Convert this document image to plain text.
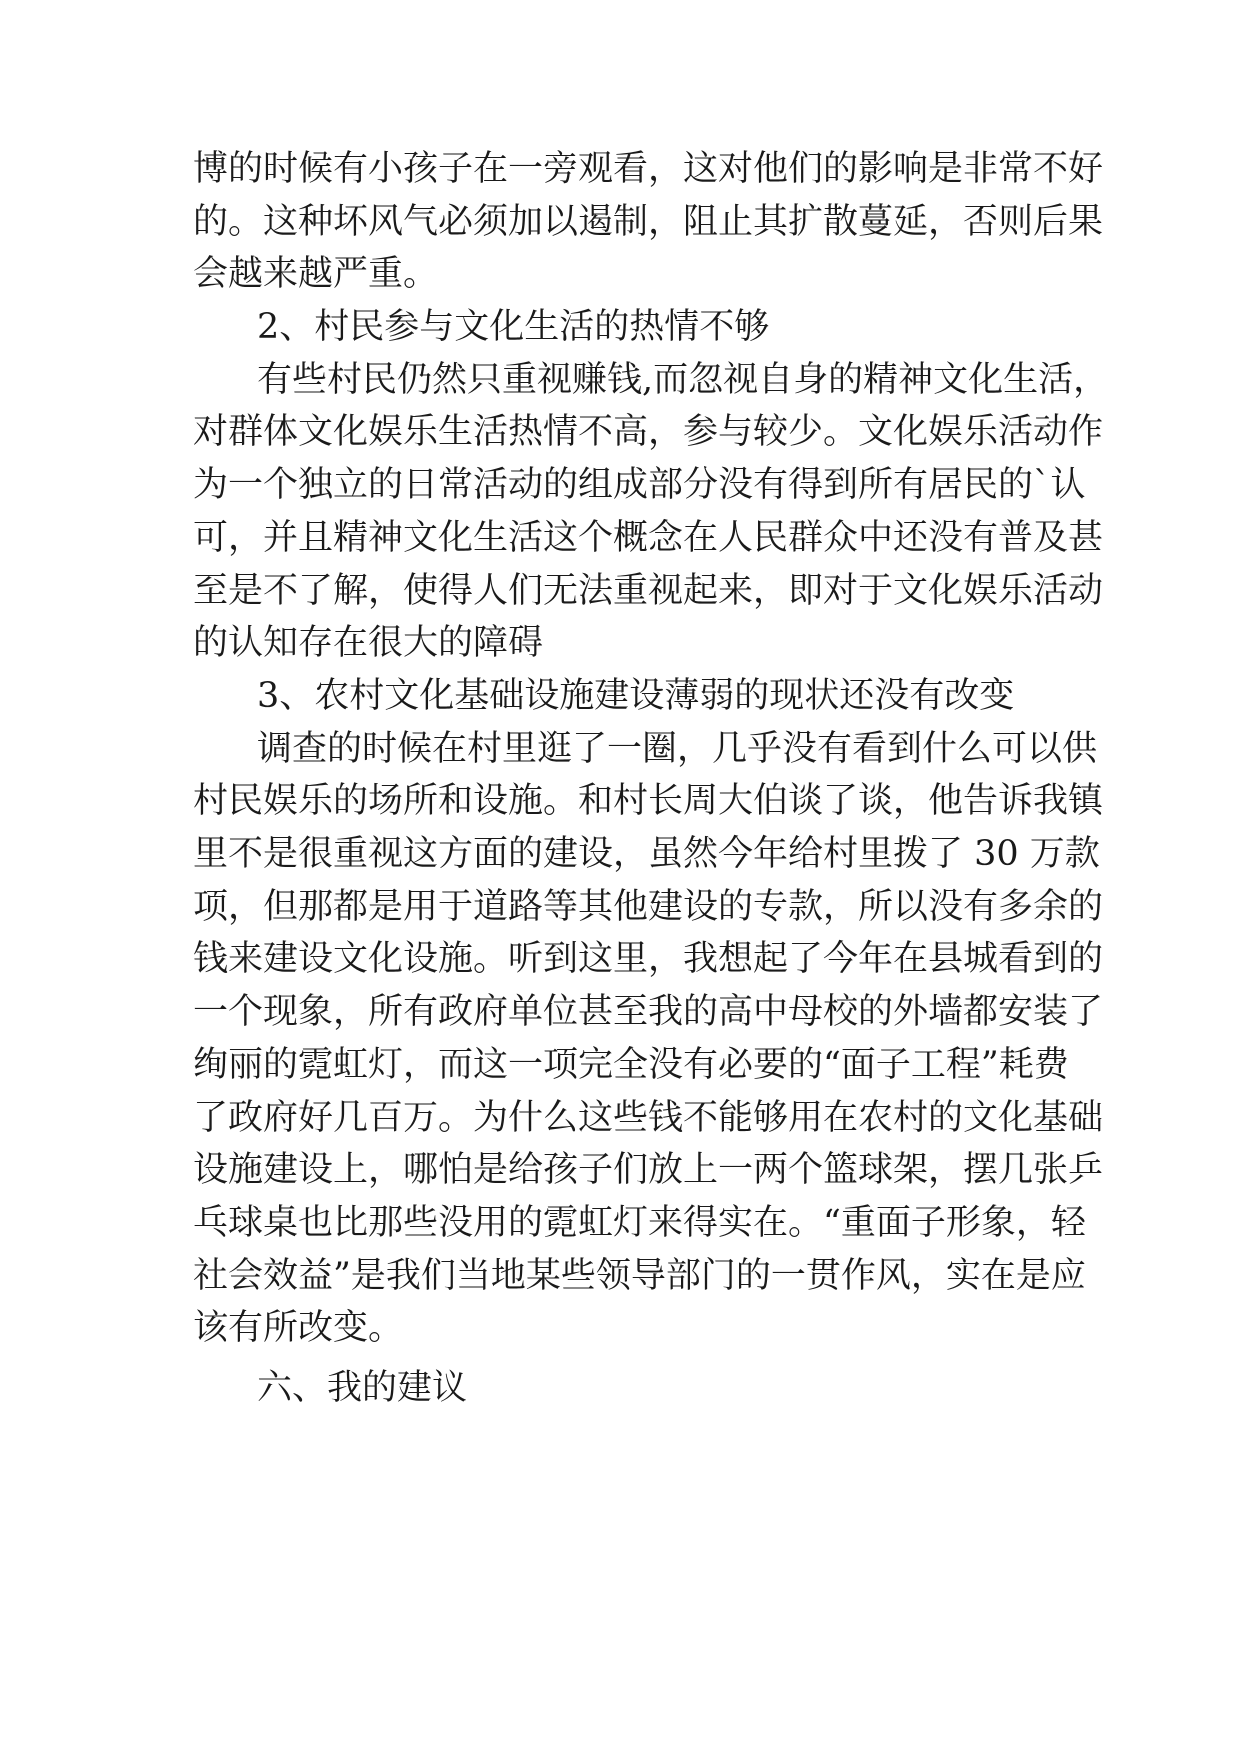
博的时候有小孩子在一旁观看，这对他们的影响是非常不好
的。这种坏风气必须加以遏制，阻止其扩散蔓延，否则后果
会越来越严重。
2、村民参与文化生活的热情不够
有些村民仍然只重视赚钱,而忽视自身的精神文化生活，
对群体文化娱乐生活热情不高，参与较少。文化娱乐活动作
为一个独立的日常活动的组成部分没有得到所有居民的`认
可，并且精神文化生活这个概念在人民群众中还没有普及甚
至是不了解，使得人们无法重视起来，即对于文化娱乐活动
的认知存在很大的障碍
3、农村文化基础设施建设薄弱的现状还没有改变
调查的时候在村里逛了一圈，几乎没有看到什么可以供
村民娱乐的场所和设施。和村长周大伯谈了谈，他告诉我镇
里不是很重视这方面的建设，虽然今年给村里拨了 30 万款
项，但那都是用于道路等其他建设的专款，所以没有多余的
钱来建设文化设施。听到这里，我想起了今年在县城看到的
一个现象，所有政府单位甚至我的高中母校的外墙都安装了
绚丽的霓虹灯，而这一项完全没有必要的“面子工程”耗费
了政府好几百万。为什么这些钱不能够用在农村的文化基础
设施建设上，哪怕是给孩子们放上一两个篮球架，摆几张乒
乓球桌也比那些没用的霓虹灯来得实在。“重面子形象，轻
社会效益”是我们当地某些领导部门的一贯作风，实在是应
该有所改变。
六、我的建议
